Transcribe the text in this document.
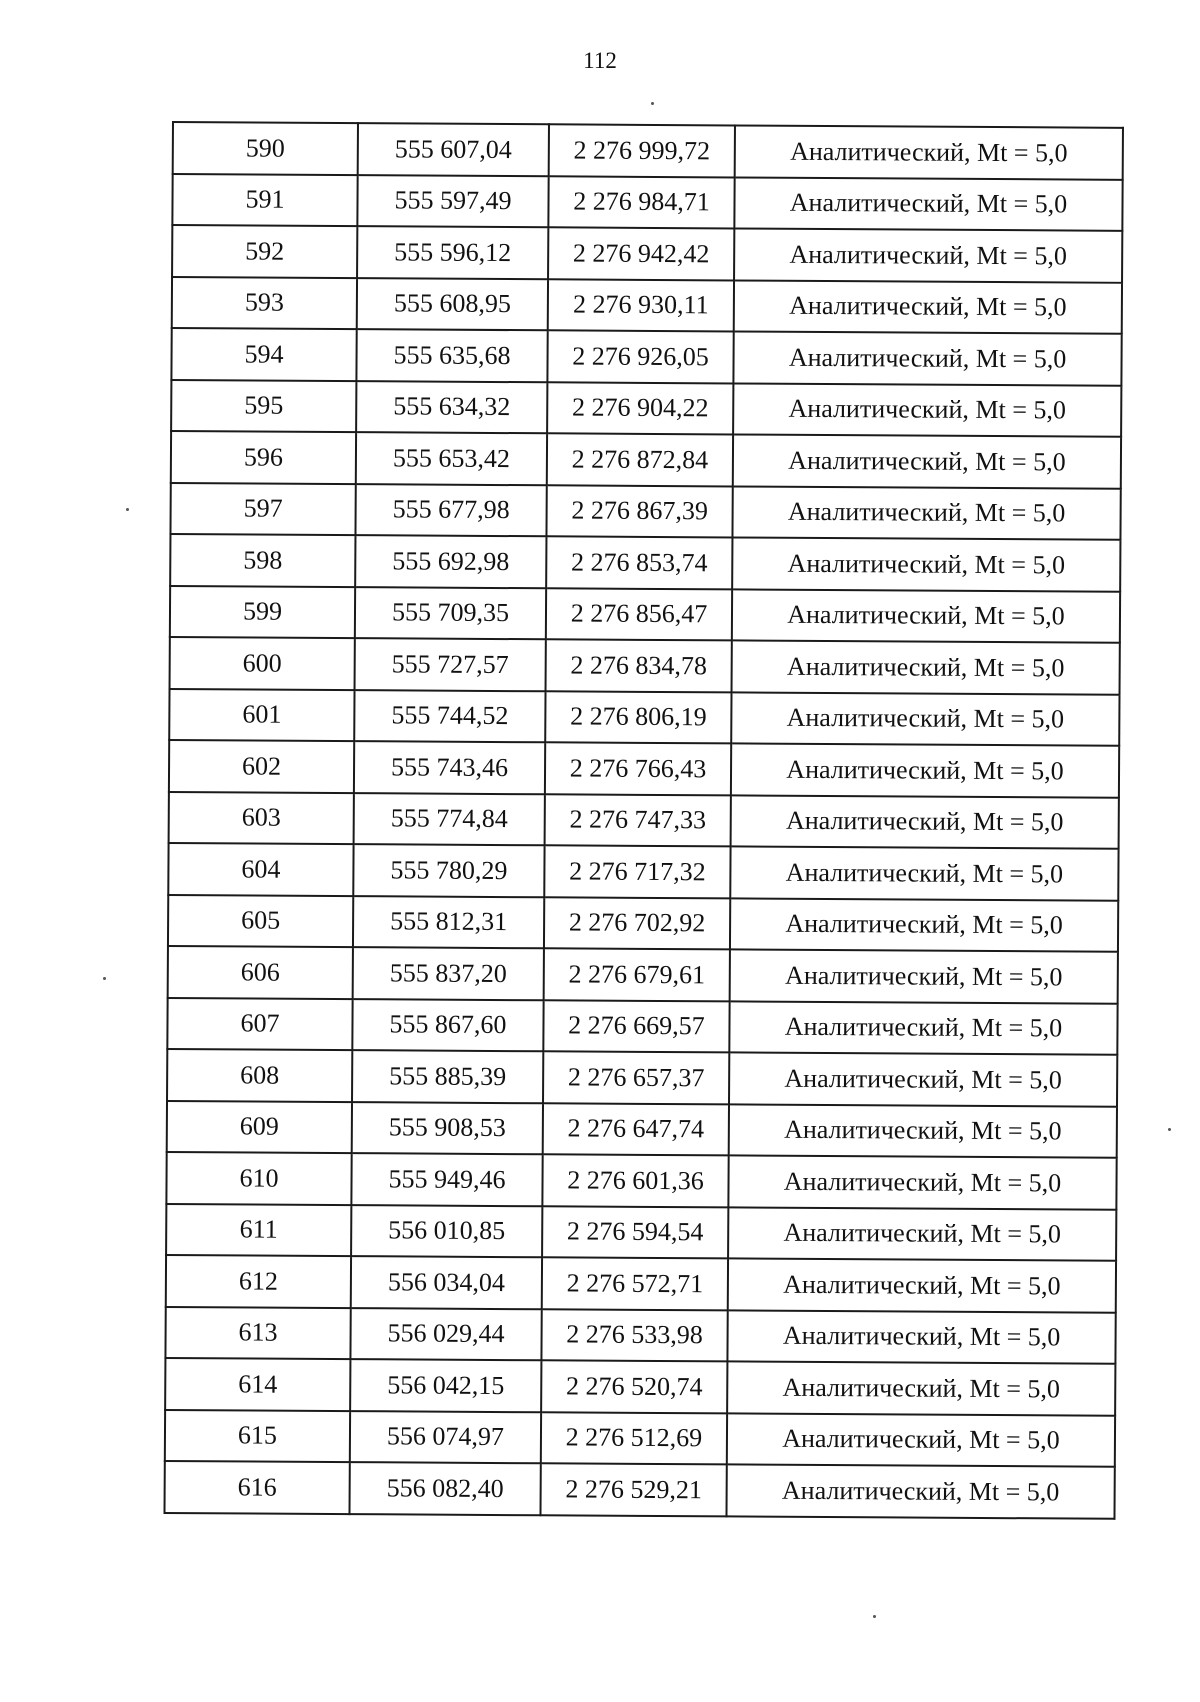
112
590	555 607,04	2 276 999,72	Аналитический, Mt = 5,0
591	555 597,49	2 276 984,71	Аналитический, Mt = 5,0
592	555 596,12	2 276 942,42	Аналитический, Mt = 5,0
593	555 608,95	2 276 930,11	Аналитический, Mt = 5,0
594	555 635,68	2 276 926,05	Аналитический, Mt = 5,0
595	555 634,32	2 276 904,22	Аналитический, Mt = 5,0
596	555 653,42	2 276 872,84	Аналитический, Mt = 5,0
597	555 677,98	2 276 867,39	Аналитический, Mt = 5,0
598	555 692,98	2 276 853,74	Аналитический, Mt = 5,0
599	555 709,35	2 276 856,47	Аналитический, Mt = 5,0
600	555 727,57	2 276 834,78	Аналитический, Mt = 5,0
601	555 744,52	2 276 806,19	Аналитический, Mt = 5,0
602	555 743,46	2 276 766,43	Аналитический, Mt = 5,0
603	555 774,84	2 276 747,33	Аналитический, Mt = 5,0
604	555 780,29	2 276 717,32	Аналитический, Mt = 5,0
605	555 812,31	2 276 702,92	Аналитический, Mt = 5,0
606	555 837,20	2 276 679,61	Аналитический, Mt = 5,0
607	555 867,60	2 276 669,57	Аналитический, Mt = 5,0
608	555 885,39	2 276 657,37	Аналитический, Mt = 5,0
609	555 908,53	2 276 647,74	Аналитический, Mt = 5,0
610	555 949,46	2 276 601,36	Аналитический, Mt = 5,0
611	556 010,85	2 276 594,54	Аналитический, Mt = 5,0
612	556 034,04	2 276 572,71	Аналитический, Mt = 5,0
613	556 029,44	2 276 533,98	Аналитический, Mt = 5,0
614	556 042,15	2 276 520,74	Аналитический, Mt = 5,0
615	556 074,97	2 276 512,69	Аналитический, Mt = 5,0
616	556 082,40	2 276 529,21	Аналитический, Mt = 5,0
